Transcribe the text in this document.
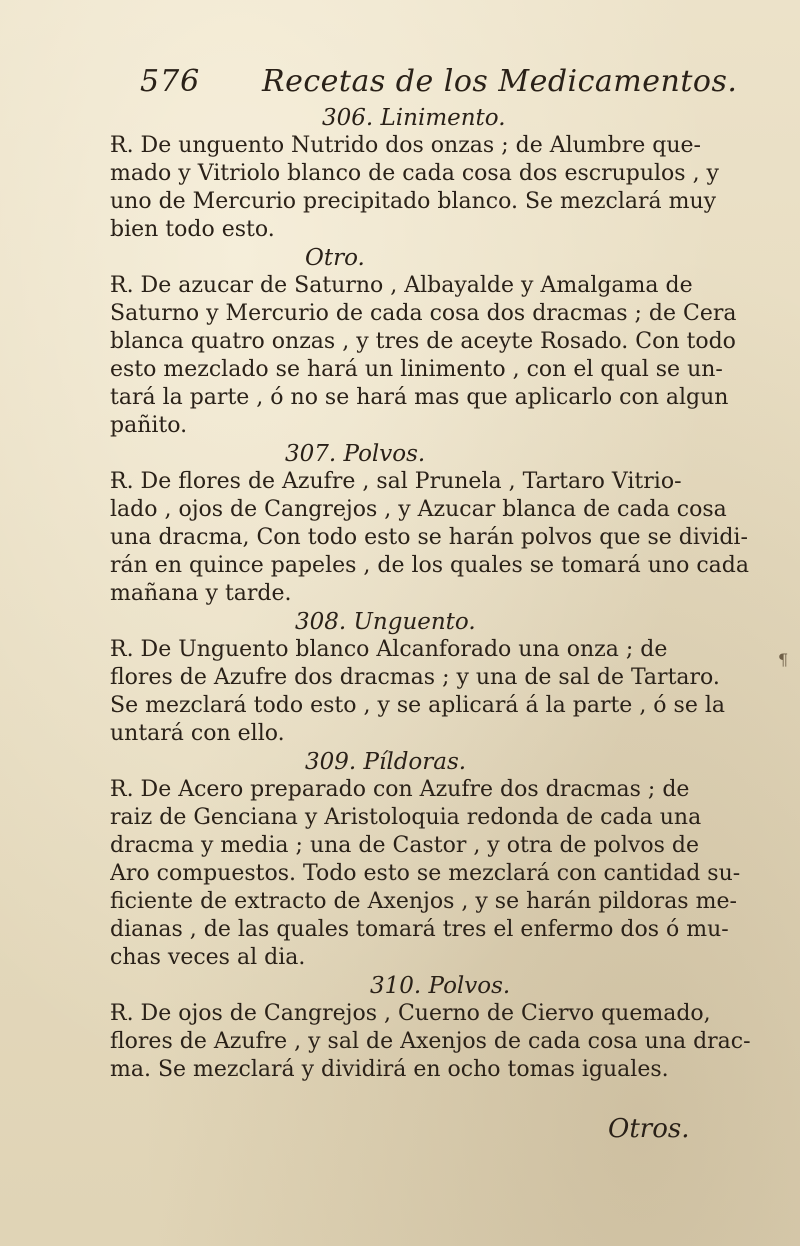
576 Recetas de los Medicamentos.
306. Linimento.
Ɍ. De unguento Nutrido dos onzas ; de Alumbre que-
mado y Vitriolo blanco de cada cosa dos escrupulos , y
uno de Mercurio precipitado blanco. Se mezclará muy
bien todo esto.
Otro.
Ɍ. De azucar de Saturno , Albayalde y Amalgama de
Saturno y Mercurio de cada cosa dos dracmas ; de Cera
blanca quatro onzas , y tres de aceyte Rosado. Con todo
esto mezclado se hará un linimento , con el qual se un-
tará la parte , ó no se hará mas que aplicarlo con algun
pañito.
307. Polvos.
Ɍ. De flores de Azufre , sal Prunela , Tartaro Vitrio-
lado , ojos de Cangrejos , y Azucar blanca de cada cosa
una dracma, Con todo esto se harán polvos que se dividi-
rán en quince papeles , de los quales se tomará uno cada
mañana y tarde.
308. Unguento.
Ɍ. De Unguento blanco Alcanforado una onza ; de
flores de Azufre dos dracmas ; y una de sal de Tartaro.
Se mezclará todo esto , y se aplicará á la parte , ó se la
untará con ello.
309. Píldoras.
Ɍ. De Acero preparado con Azufre dos dracmas ; de
raiz de Genciana y Aristoloquia redonda de cada una
dracma y media ; una de Castor , y otra de polvos de
Aro compuestos. Todo esto se mezclará con cantidad su-
ficiente de extracto de Axenjos , y se harán pildoras me-
dianas , de las quales tomará tres el enfermo dos ó mu-
chas veces al dia.
310. Polvos.
Ɍ. De ojos de Cangrejos , Cuerno de Ciervo quemado,
flores de Azufre , y sal de Axenjos de cada cosa una drac-
ma. Se mezclará y dividirá en ocho tomas iguales.
Otros.
¶
